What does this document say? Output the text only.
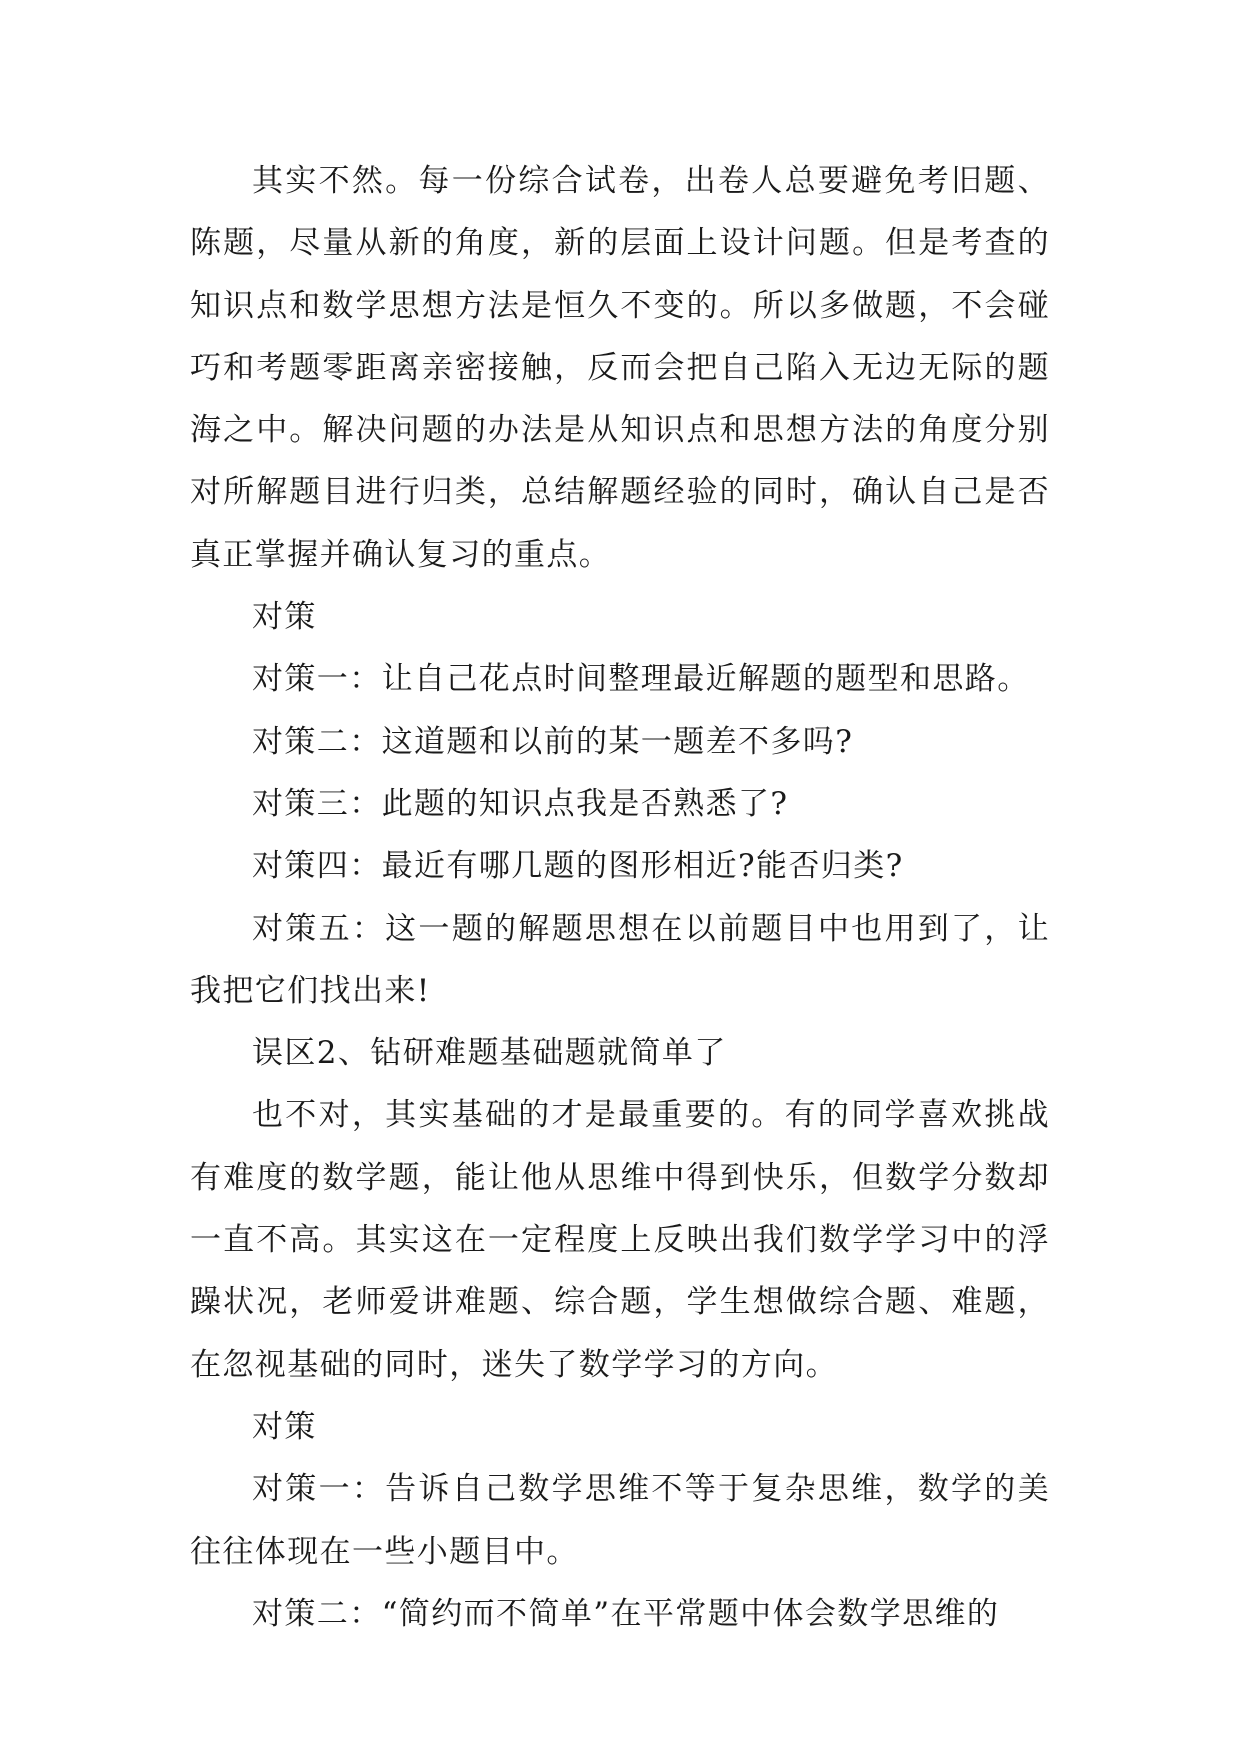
其实不然。每一份综合试卷，出卷人总要避免考旧题、陈题，尽量从新的角度，新的层面上设计问题。但是考查的知识点和数学思想方法是恒久不变的。所以多做题，不会碰巧和考题零距离亲密接触，反而会把自己陷入无边无际的题海之中。解决问题的办法是从知识点和思想方法的角度分别对所解题目进行归类，总结解题经验的同时，确认自己是否真正掌握并确认复习的重点。

对策

对策一：让自己花点时间整理最近解题的题型和思路。

对策二：这道题和以前的某一题差不多吗?

对策三：此题的知识点我是否熟悉了?

对策四：最近有哪几题的图形相近?能否归类?

对策五：这一题的解题思想在以前题目中也用到了，让我把它们找出来!

误区2、钻研难题基础题就简单了

也不对，其实基础的才是最重要的。有的同学喜欢挑战有难度的数学题，能让他从思维中得到快乐，但数学分数却一直不高。其实这在一定程度上反映出我们数学学习中的浮躁状况，老师爱讲难题、综合题，学生想做综合题、难题，在忽视基础的同时，迷失了数学学习的方向。

对策

对策一：告诉自己数学思维不等于复杂思维，数学的美往往体现在一些小题目中。

对策二：“简约而不简单”在平常题中体会数学思维的
